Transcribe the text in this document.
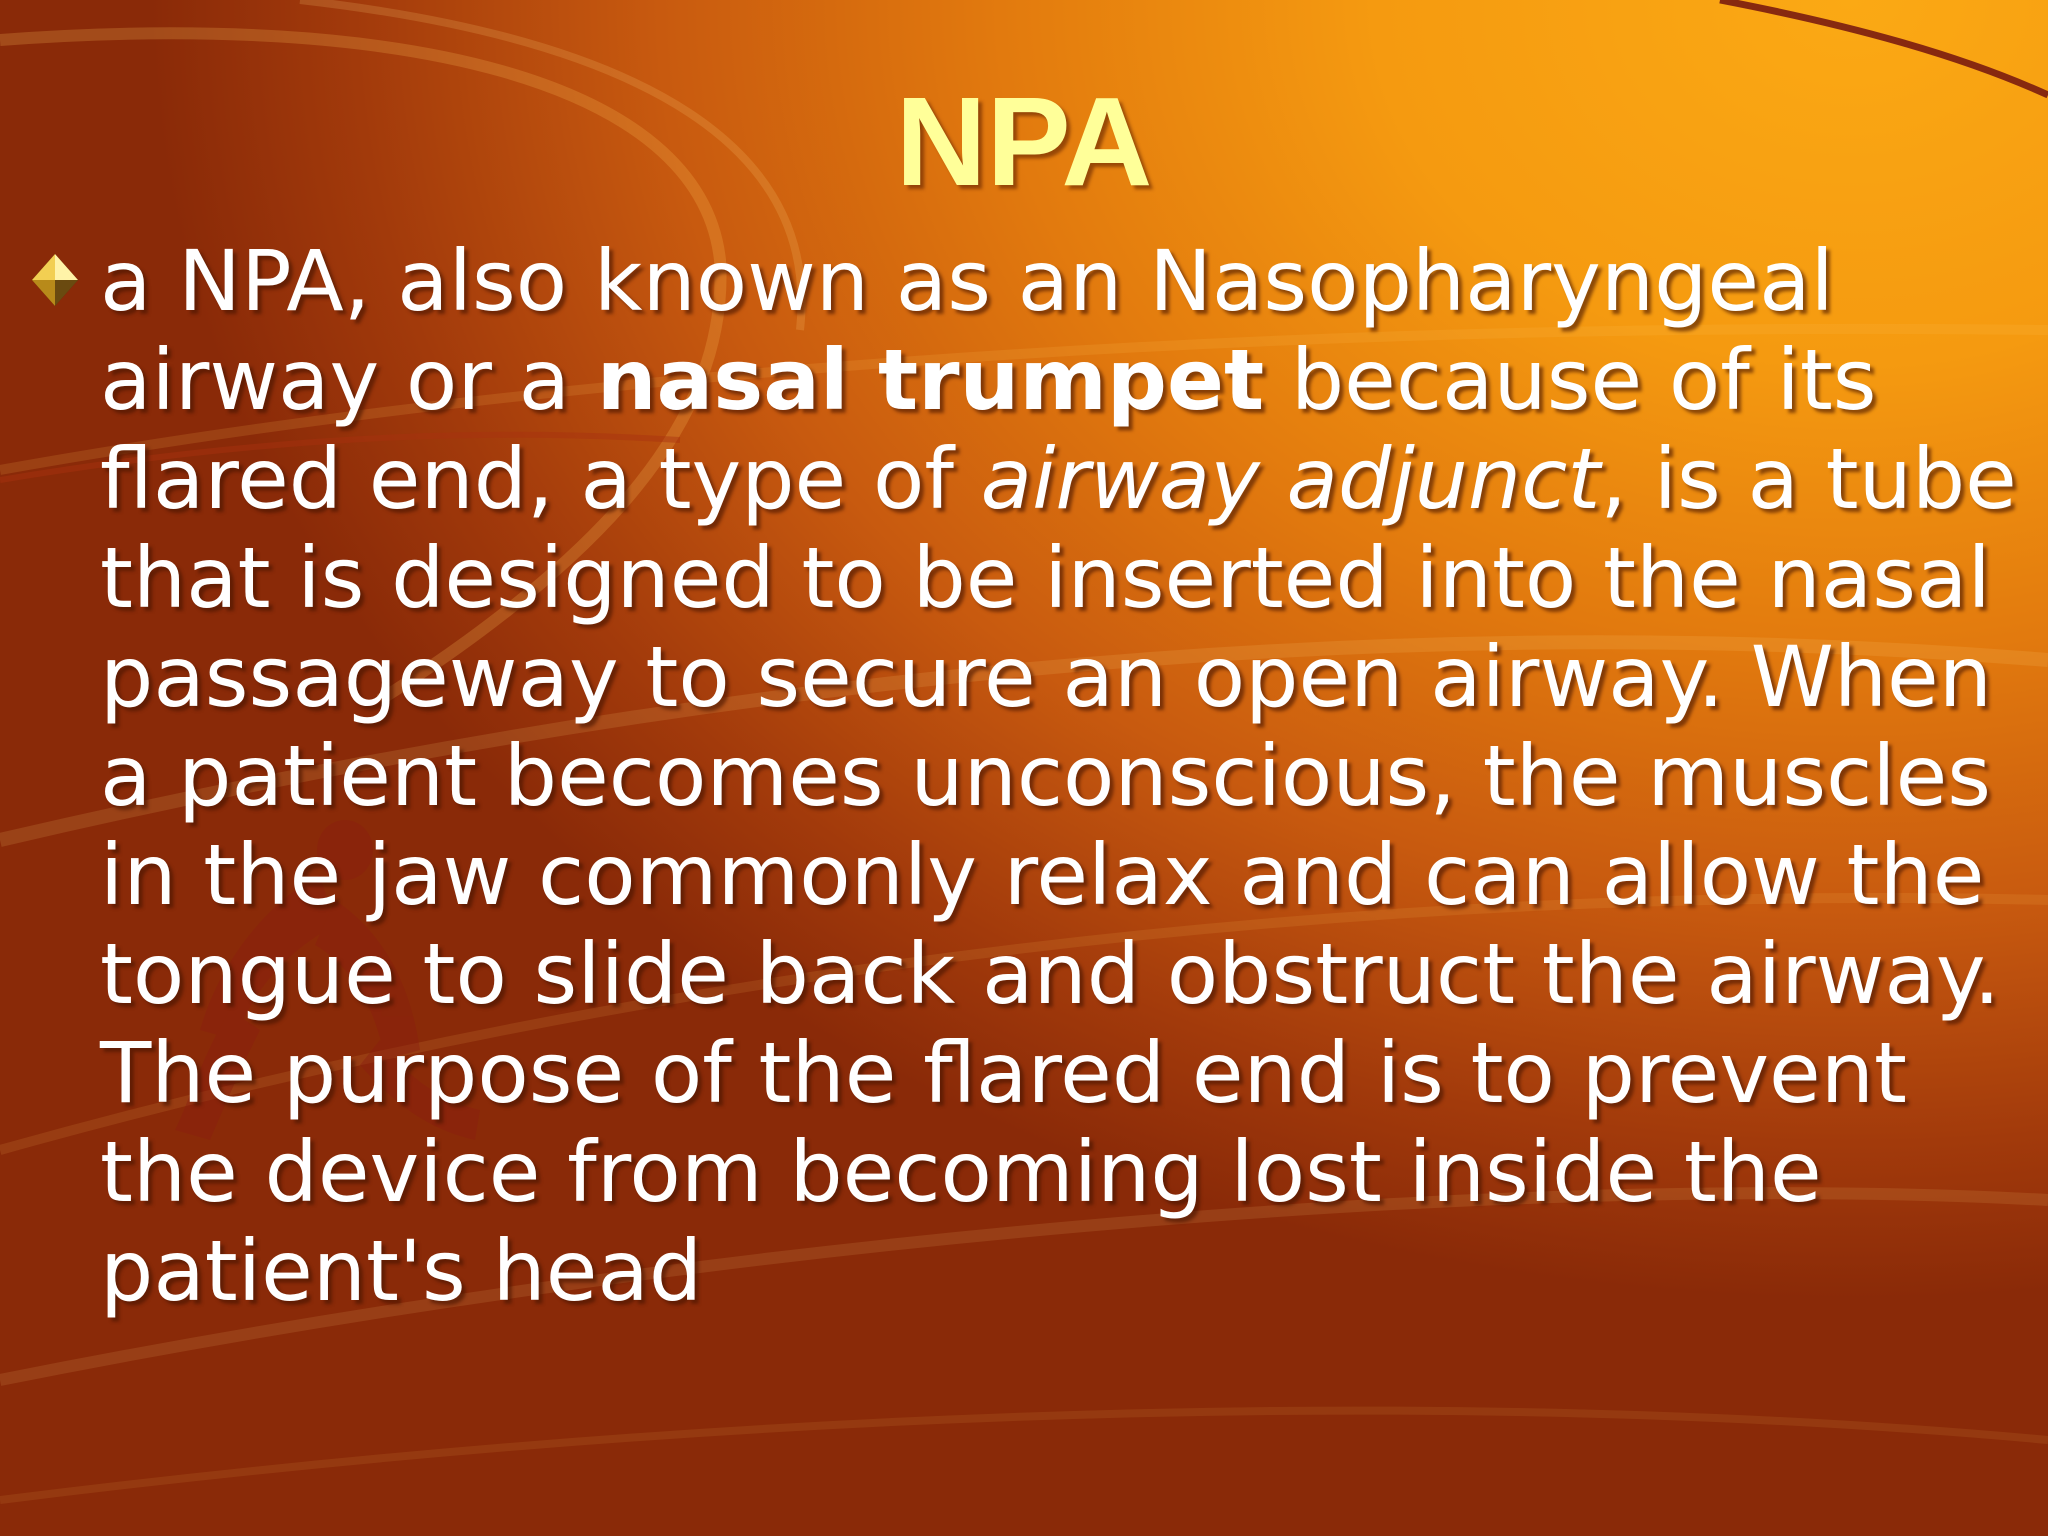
NPA

a NPA, also known as an Nasopharyngeal airway or a nasal trumpet because of its flared end, a type of airway adjunct, is a tube that is designed to be inserted into the nasal passageway to secure an open airway. When a patient becomes unconscious, the muscles in the jaw commonly relax and can allow the tongue to slide back and obstruct the airway. The purpose of the flared end is to prevent the device from becoming lost inside the patient's head
